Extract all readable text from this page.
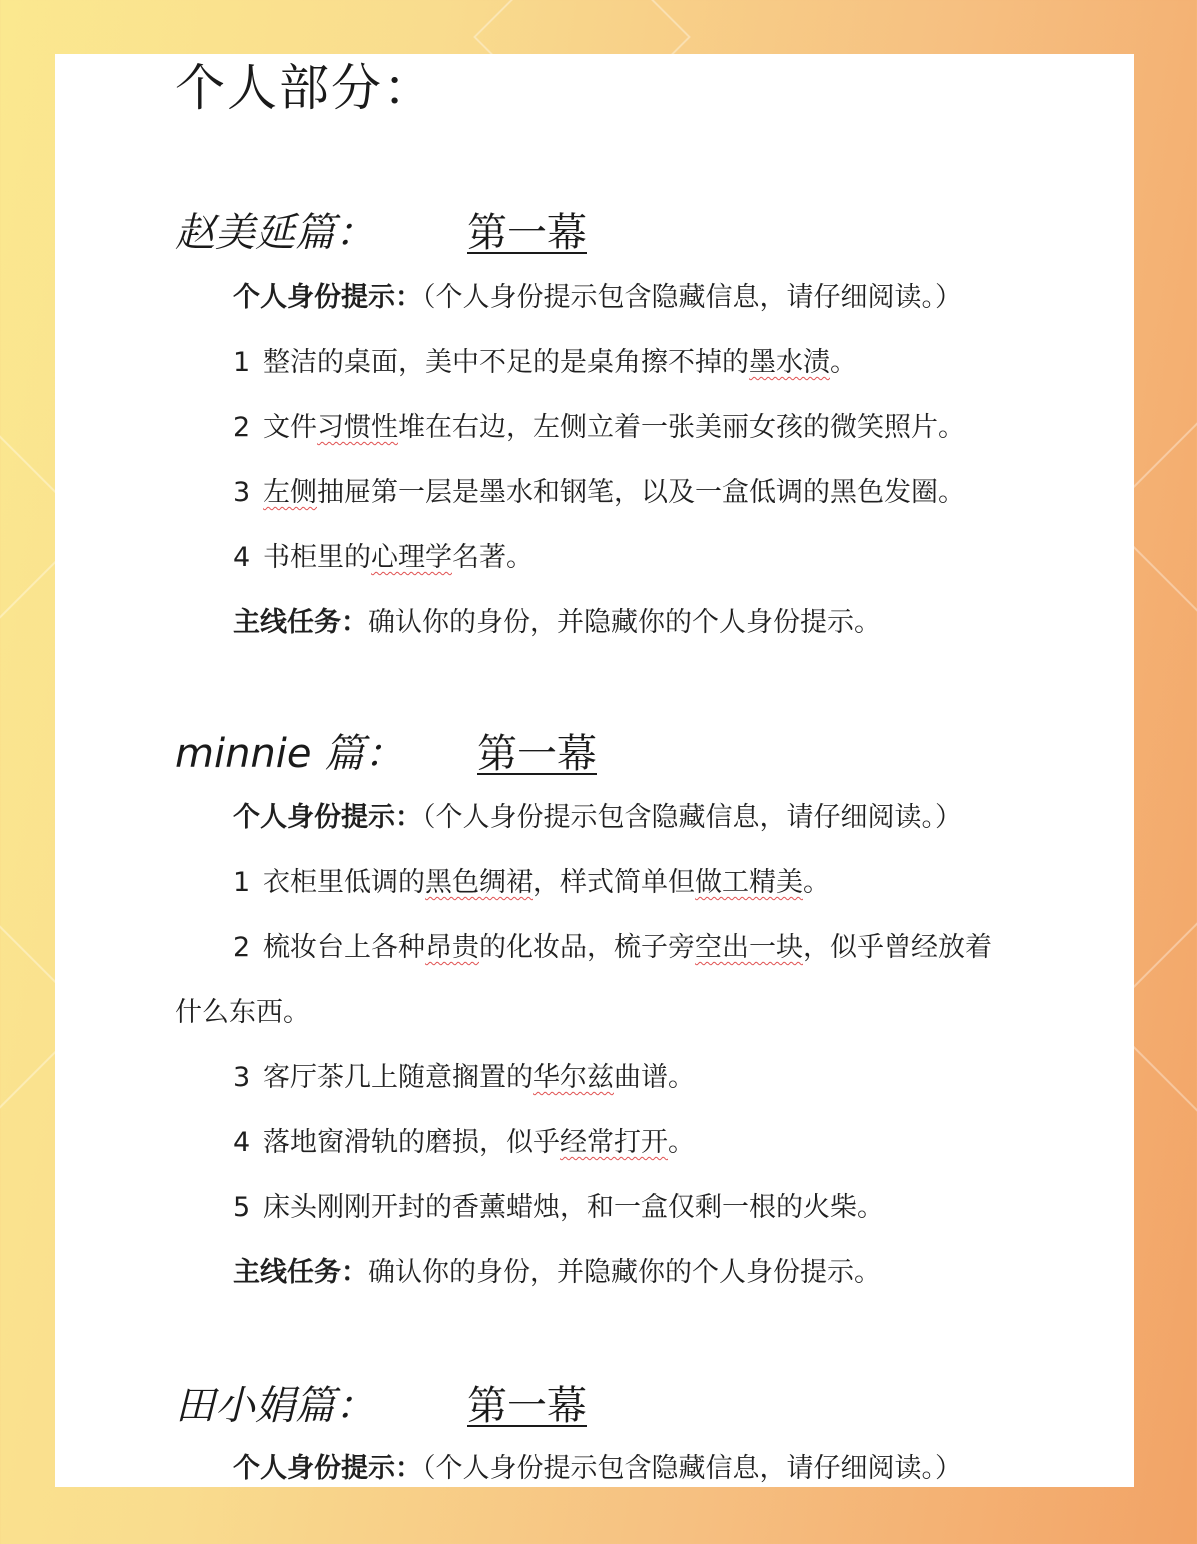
个人部分：
赵美延篇： 第一幕
个人身份提示：（个人身份提示包含隐藏信息，请仔细阅读。）
1 整洁的桌面，美中不足的是桌角擦不掉的墨水渍。
2 文件习惯性堆在右边，左侧立着一张美丽女孩的微笑照片。
3 左侧抽屉第一层是墨水和钢笔，以及一盒低调的黑色发圈。
4 书柜里的心理学名著。
主线任务：确认你的身份，并隐藏你的个人身份提示。
minnie 篇： 第一幕
个人身份提示：（个人身份提示包含隐藏信息，请仔细阅读。）
1 衣柜里低调的黑色绸裙，样式简单但做工精美。
2 梳妆台上各种昂贵的化妆品，梳子旁空出一块，似乎曾经放着
什么东西。
3 客厅茶几上随意搁置的华尔兹曲谱。
4 落地窗滑轨的磨损，似乎经常打开。
5 床头刚刚开封的香薰蜡烛，和一盒仅剩一根的火柴。
主线任务：确认你的身份，并隐藏你的个人身份提示。
田小娟篇： 第一幕
个人身份提示：（个人身份提示包含隐藏信息，请仔细阅读。）
